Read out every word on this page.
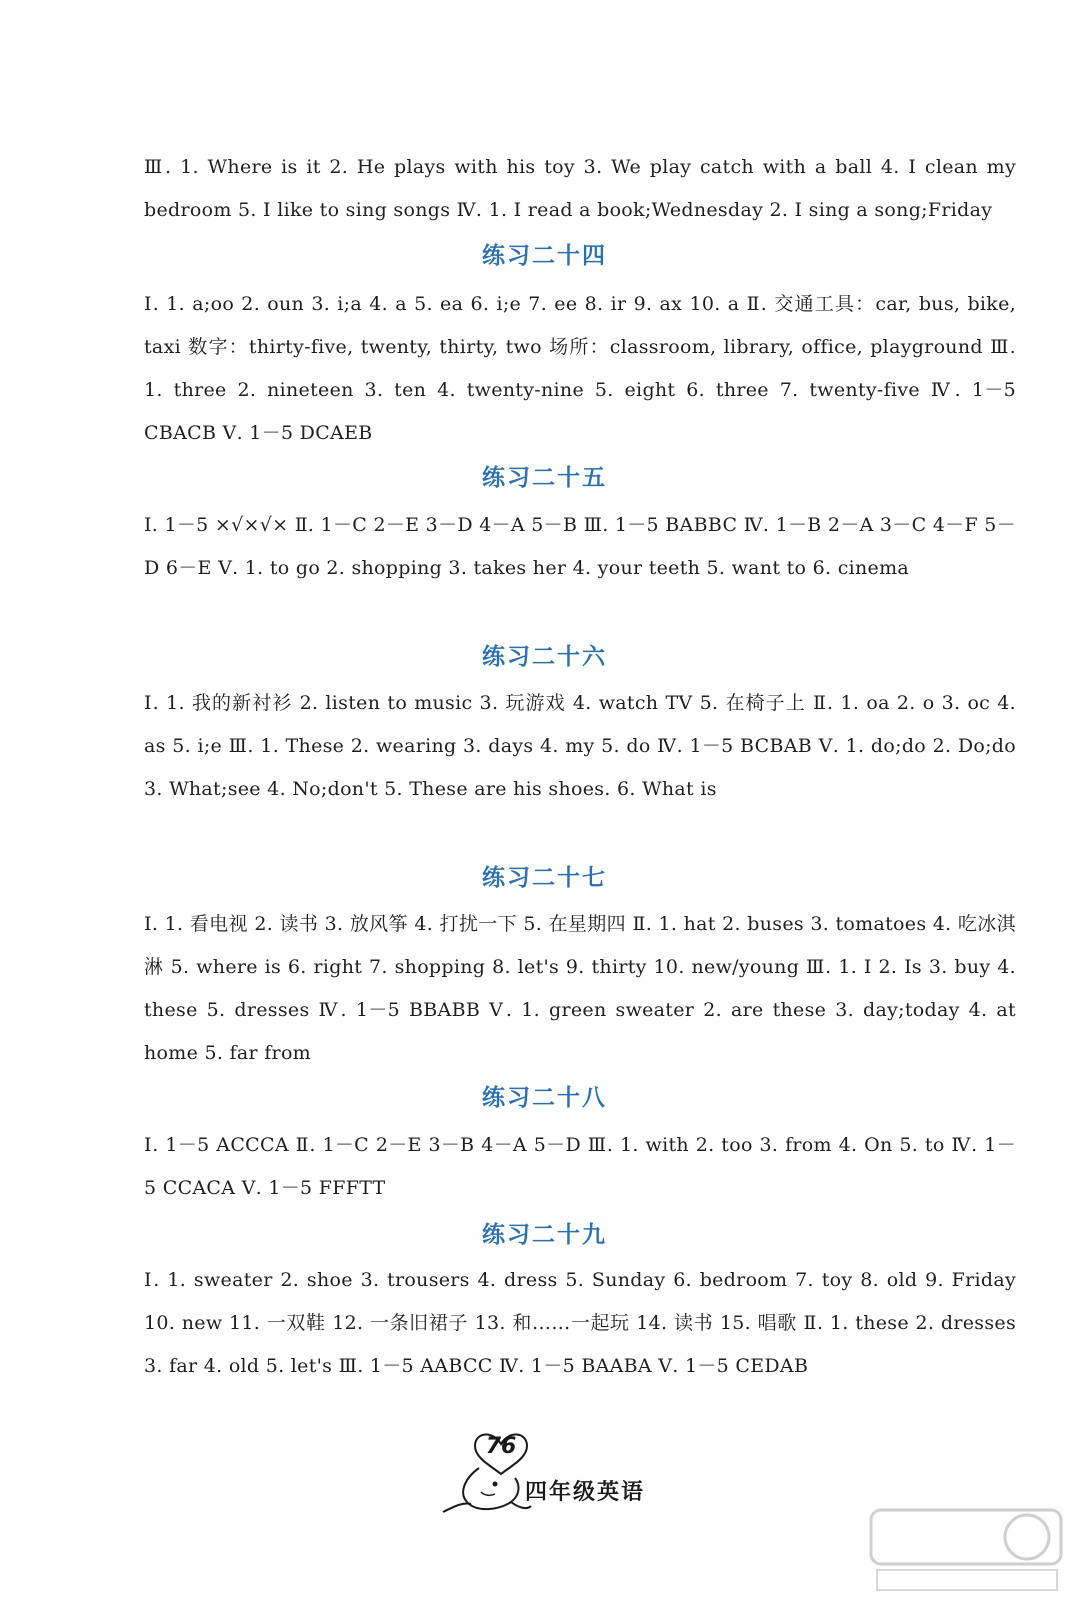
Ⅲ. 1. Where is it 2. He plays with his toy 3. We play catch with a ball 4. I clean my bedroom 5. I like to sing songs Ⅳ. 1. I read a book;Wednesday 2. I sing a song;Friday

练习二十四

Ⅰ. 1. a;oo 2. oun 3. i;a 4. a 5. ea 6. i;e 7. ee 8. ir 9. ax 10. a Ⅱ. 交通工具：car, bus, bike, taxi 数字：thirty-five, twenty, thirty, two 场所：classroom, library, office, playground Ⅲ. 1. three 2. nineteen 3. ten 4. twenty-nine 5. eight 6. three 7. twenty-five Ⅳ. 1－5 CBACB Ⅴ. 1－5 DCAEB

练习二十五

Ⅰ. 1－5 ×√×√× Ⅱ. 1－C 2－E 3－D 4－A 5－B Ⅲ. 1－5 BABBC Ⅳ. 1－B 2－A 3－C 4－F 5－D 6－E Ⅴ. 1. to go 2. shopping 3. takes her 4. your teeth 5. want to 6. cinema

练习二十六

Ⅰ. 1. 我的新衬衫 2. listen to music 3. 玩游戏 4. watch TV 5. 在椅子上 Ⅱ. 1. oa 2. o 3. oc 4. as 5. i;e Ⅲ. 1. These 2. wearing 3. days 4. my 5. do Ⅳ. 1－5 BCBAB Ⅴ. 1. do;do 2. Do;do 3. What;see 4. No;don't 5. These are his shoes. 6. What is

练习二十七

Ⅰ. 1. 看电视 2. 读书 3. 放风筝 4. 打扰一下 5. 在星期四 Ⅱ. 1. hat 2. buses 3. tomatoes 4. 吃冰淇淋 5. where is 6. right 7. shopping 8. let's 9. thirty 10. new/young Ⅲ. 1. I 2. Is 3. buy 4. these 5. dresses Ⅳ. 1－5 BBABB Ⅴ. 1. green sweater 2. are these 3. day;today 4. at home 5. far from

练习二十八

Ⅰ. 1－5 ACCCA Ⅱ. 1－C 2－E 3－B 4－A 5－D Ⅲ. 1. with 2. too 3. from 4. On 5. to Ⅳ. 1－5 CCACA Ⅴ. 1－5 FFFTT

练习二十九

Ⅰ. 1. sweater 2. shoe 3. trousers 4. dress 5. Sunday 6. bedroom 7. toy 8. old 9. Friday 10. new 11. 一双鞋 12. 一条旧裙子 13. 和……一起玩 14. 读书 15. 唱歌 Ⅱ. 1. these 2. dresses 3. far 4. old 5. let's Ⅲ. 1－5 AABCC Ⅳ. 1－5 BAABA Ⅴ. 1－5 CEDAB

76
四年级英语
